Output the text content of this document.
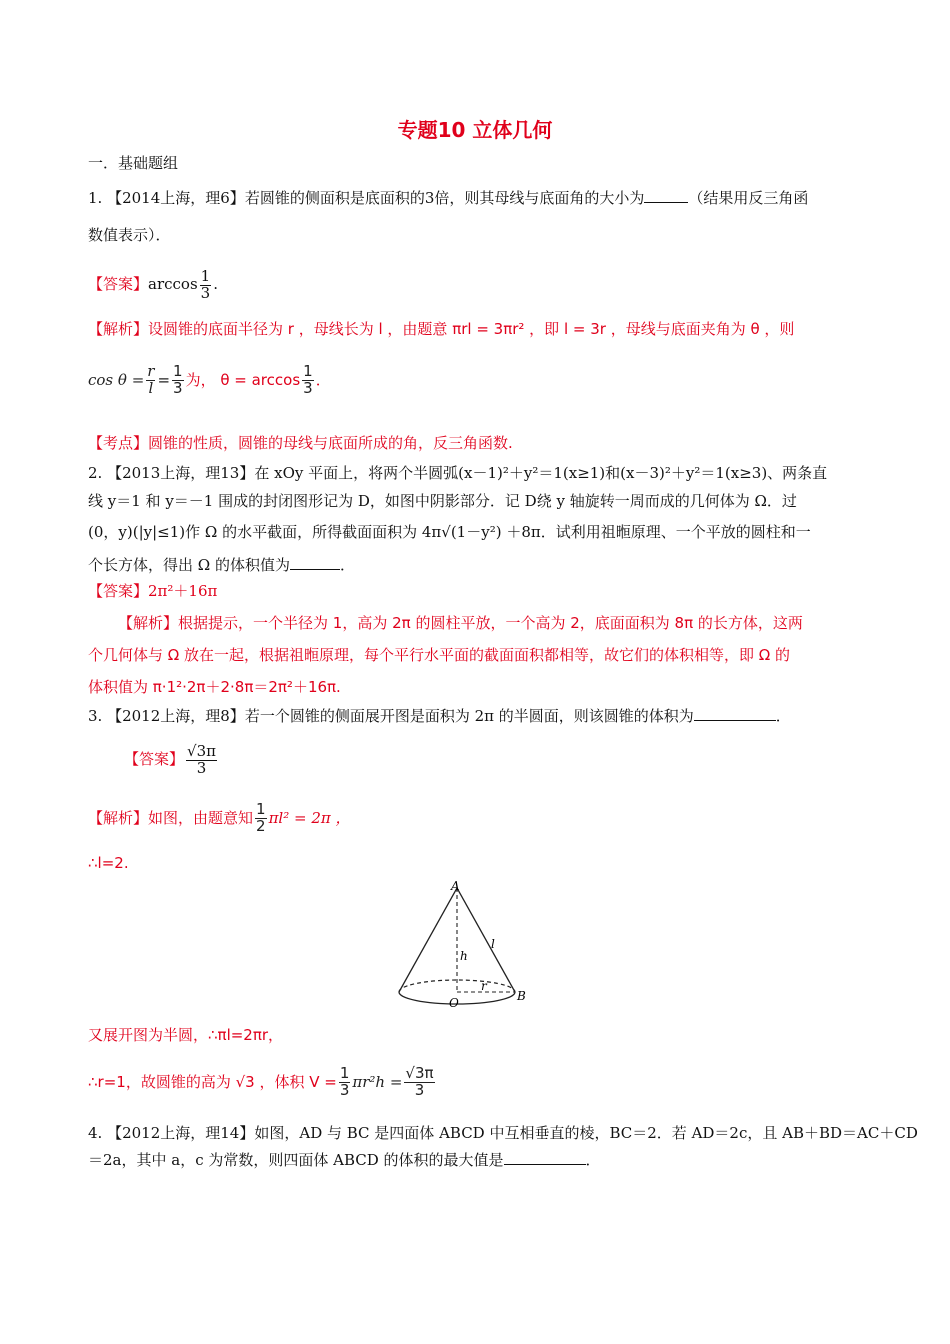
专题10 立体几何
一．基础题组
1. 【2014上海，理6】若圆锥的侧面积是底面积的3倍，则其母线与底面角的大小为	（结果用反三角函
数值表示）．
【答案】$\arccos \frac{1}{3}$ .
【解析】设圆锥的底面半径为 r ，母线长为 l ，由题意 πrl = 3πr² ，即 l = 3r ，母线与底面夹角为 θ ，则
$\cos \theta = \frac{r}{l} = \frac{1}{3}$ 为， $\theta = \arccos \frac{1}{3}$ ．
【考点】圆锥的性质，圆锥的母线与底面所成的角，反三角函数.
2. 【2013上海，理13】在 xOy 平面上，将两个半圆弧(x－1)²＋y²＝1(x≥1)和(x－3)²＋y²＝1(x≥3)、两条直
线 y＝1 和 y＝－1 围成的封闭图形记为 D，如图中阴影部分．记 D绕 y 轴旋转一周而成的几何体为 Ω．过
(0，y)(|y|≤1)作 Ω 的水平截面，所得截面面积为 4π√(1－y²) ＋8π．试利用祖暅原理、一个平放的圆柱和一
个长方体，得出 Ω 的体积值为	．
【答案】2π²＋16π
【解析】根据提示，一个半径为 1，高为 2π 的圆柱平放，一个高为 2，底面面积为 8π 的长方体，这两
个几何体与 Ω 放在一起，根据祖暅原理，每个平行水平面的截面面积都相等，故它们的体积相等，即 Ω 的
体积值为 π·1²·2π＋2·8π＝2π²＋16π.
3. 【2012上海，理8】若一个圆锥的侧面展开图是面积为 2π 的半圆面，则该圆锥的体积为	．
【答案】 $\frac{√3\pi}{3}$
【解析】如图，由题意知 $\frac{1}{2} \pi l^2 = 2\pi$ ，
∴l=2.
A
B
O
h
l
r
又展开图为半圆，∴πl=2πr，
∴r=1，故圆锥的高为 √3 ，体积 $V = \frac{1}{3} \pi r^2h = \frac{√3\pi}{3}$
4. 【2012上海，理14】如图，AD 与 BC 是四面体 ABCD 中互相垂直的棱，BC＝2．若 AD＝2c，且 AB＋BD＝AC＋CD
＝2a，其中 a，c 为常数，则四面体 ABCD 的体积的最大值是	．
